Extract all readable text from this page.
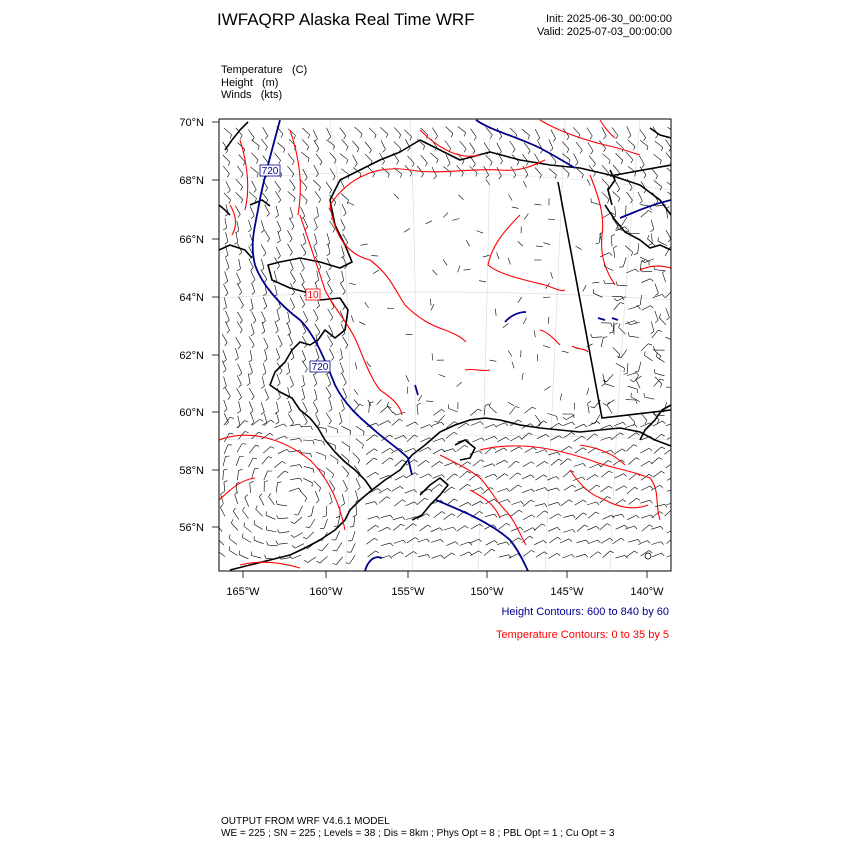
IWFAQRP Alaska Real Time WRF	Init: 2025-06-30_00:00:00
Valid: 2025-07-03_00:00:00
Temperature (C)
Height (m)
Winds (kts)
720
720
10
70°N
68°N
66°N
64°N
62°N
60°N
58°N
56°N
165°W	160°W	155°W	150°W	145°W	140°W
Height Contours: 600 to 840 by 60
Temperature Contours: 0 to 35 by 5
OUTPUT FROM WRF V4.6.1 MODEL
WE = 225 ; SN = 225 ; Levels = 38 ; Dis = 8km ; Phys Opt = 8 ; PBL Opt = 1 ; Cu Opt = 3
